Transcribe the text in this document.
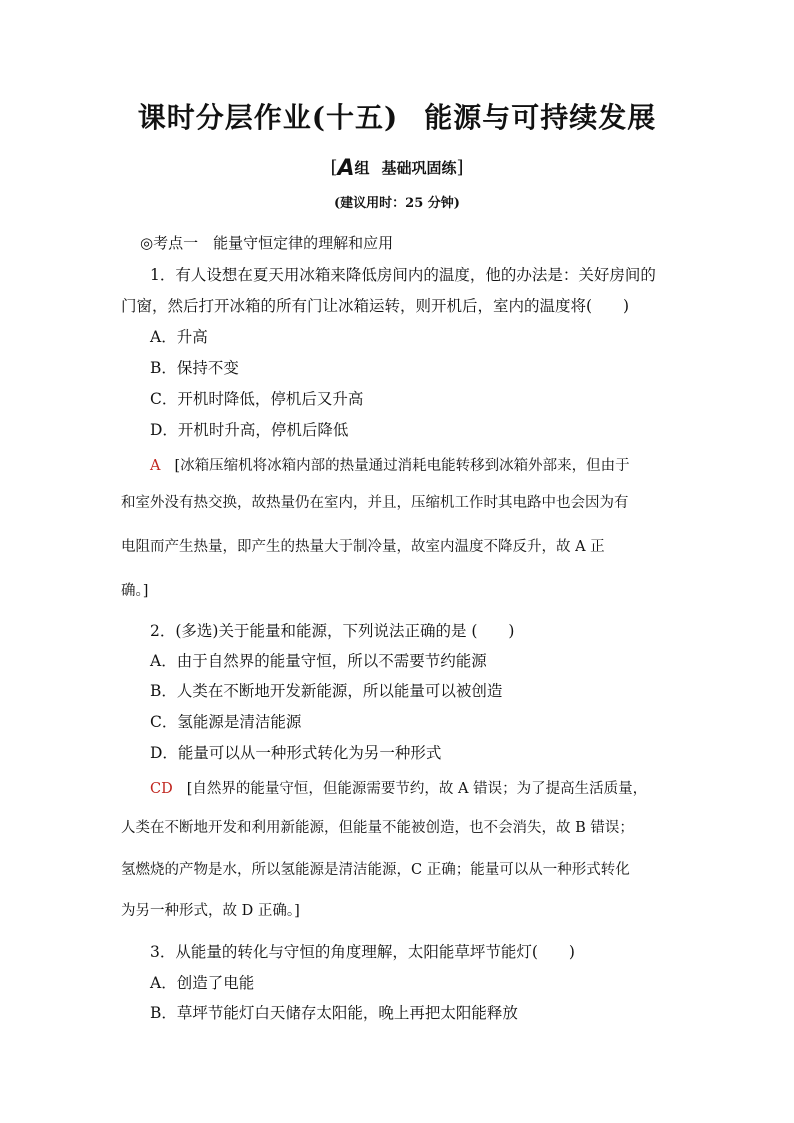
课时分层作业(十五) 能源与可持续发展
[A组 基础巩固练]
(建议用时：25 分钟)
◎考点一　能量守恒定律的理解和应用
1．有人设想在夏天用冰箱来降低房间内的温度，他的办法是：关好房间的
门窗，然后打开冰箱的所有门让冰箱运转，则开机后，室内的温度将(　　)
A．升高
B．保持不变
C．开机时降低，停机后又升高
D．开机时升高，停机后降低
A [冰箱压缩机将冰箱内部的热量通过消耗电能转移到冰箱外部来，但由于
和室外没有热交换，故热量仍在室内，并且，压缩机工作时其电路中也会因为有
电阻而产生热量，即产生的热量大于制冷量，故室内温度不降反升，故 A 正
确。]
2．(多选)关于能量和能源，下列说法正确的是 (　　)
A．由于自然界的能量守恒，所以不需要节约能源
B．人类在不断地开发新能源，所以能量可以被创造
C．氢能源是清洁能源
D．能量可以从一种形式转化为另一种形式
CD [自然界的能量守恒，但能源需要节约，故 A 错误；为了提高生活质量，
人类在不断地开发和利用新能源，但能量不能被创造，也不会消失，故 B 错误；
氢燃烧的产物是水，所以氢能源是清洁能源，C 正确；能量可以从一种形式转化
为另一种形式，故 D 正确。]
3．从能量的转化与守恒的角度理解，太阳能草坪节能灯(　　)
A．创造了电能
B．草坪节能灯白天储存太阳能，晚上再把太阳能释放
